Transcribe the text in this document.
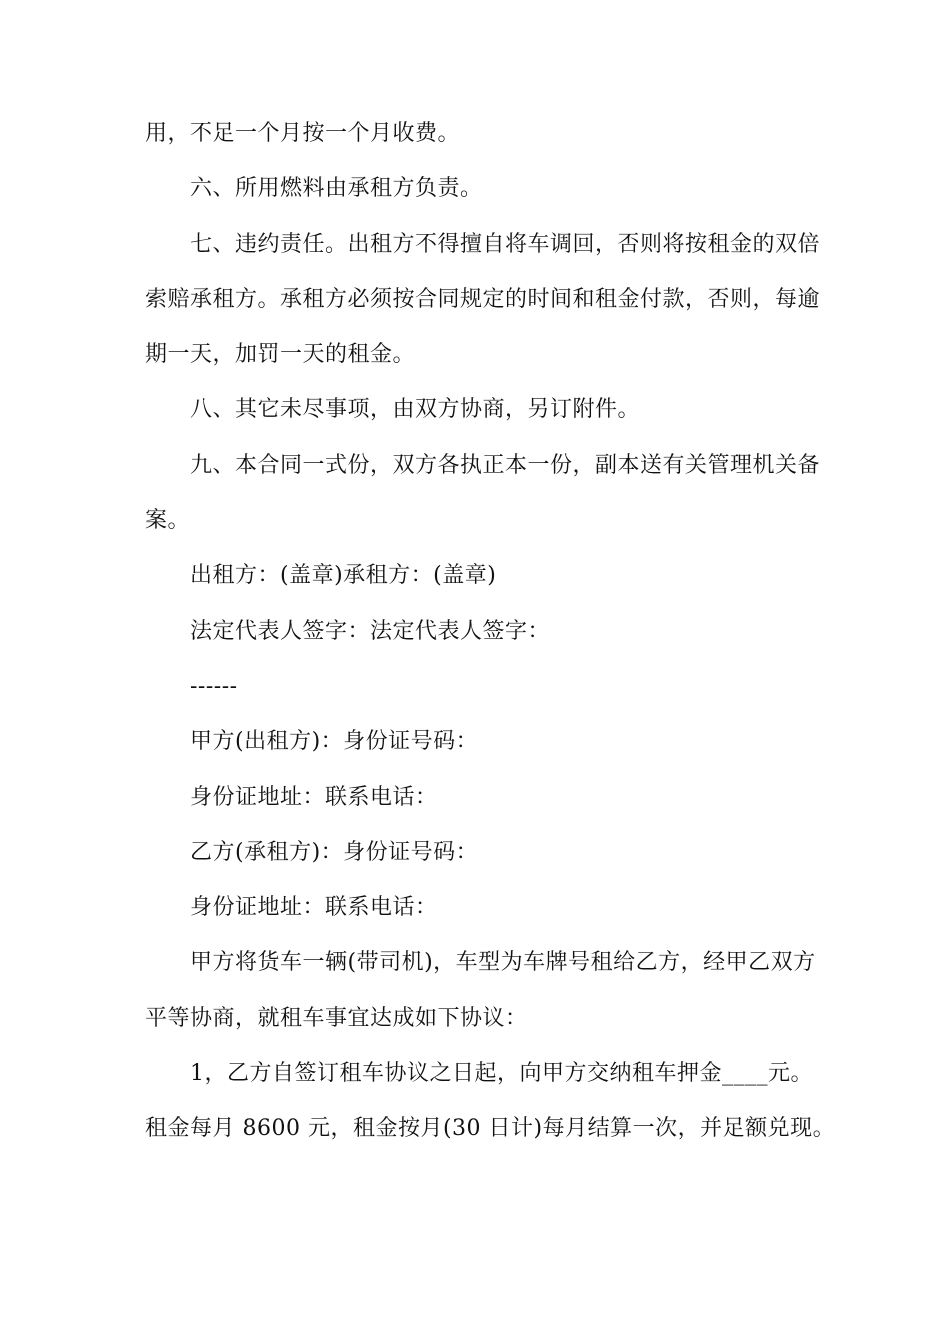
用，不足一个月按一个月收费。
六、所用燃料由承租方负责。
七、违约责任。出租方不得擅自将车调回，否则将按租金的双倍
索赔承租方。承租方必须按合同规定的时间和租金付款，否则，每逾
期一天，加罚一天的租金。
八、其它未尽事项，由双方协商，另订附件。
九、本合同一式份，双方各执正本一份，副本送有关管理机关备
案。
出租方：(盖章)承租方：(盖章)
法定代表人签字：法定代表人签字：
------
甲方(出租方)：身份证号码：
身份证地址：联系电话：
乙方(承租方)：身份证号码：
身份证地址：联系电话：
甲方将货车一辆(带司机)，车型为车牌号租给乙方，经甲乙双方
平等协商，就租车事宜达成如下协议：
1，乙方自签订租车协议之日起，向甲方交纳租车押金____元。
租金每月 8600 元，租金按月(30 日计)每月结算一次，并足额兑现。
